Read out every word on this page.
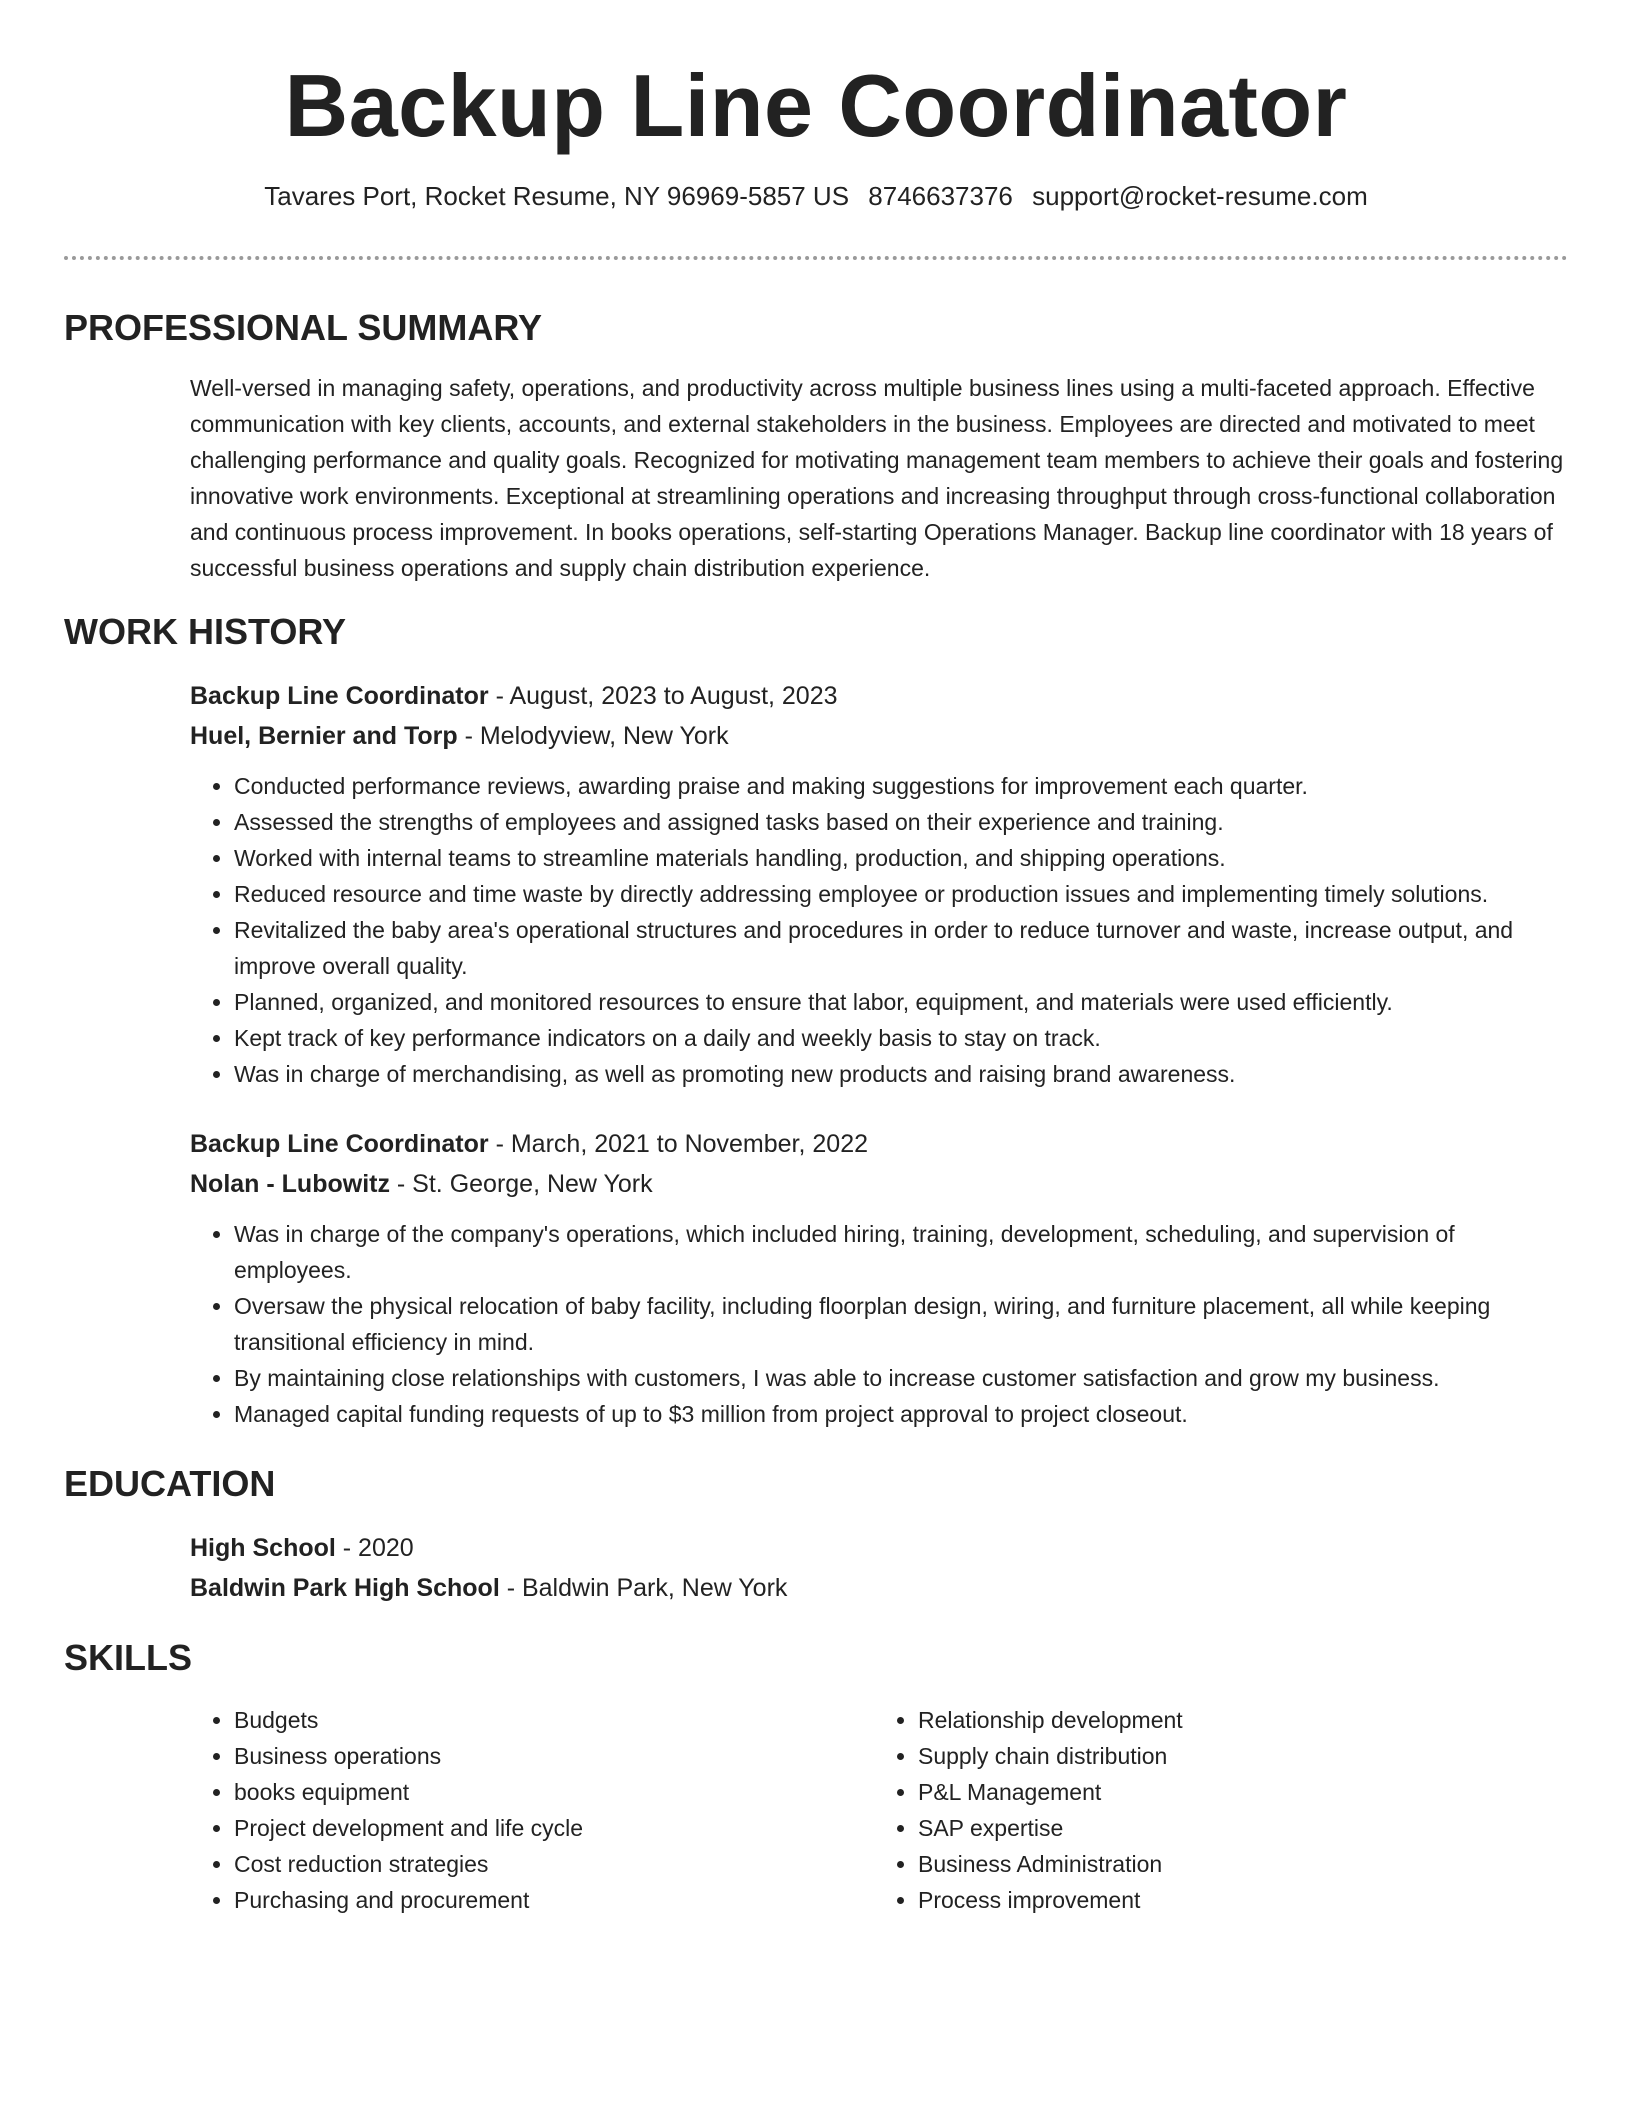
Backup Line Coordinator
Tavares Port, Rocket Resume, NY 96969-5857 US 8746637376 support@rocket-resume.com
PROFESSIONAL SUMMARY
Well-versed in managing safety, operations, and productivity across multiple business lines using a multi-faceted approach. Effective communication with key clients, accounts, and external stakeholders in the business. Employees are directed and motivated to meet challenging performance and quality goals. Recognized for motivating management team members to achieve their goals and fostering innovative work environments. Exceptional at streamlining operations and increasing throughput through cross-functional collaboration and continuous process improvement. In books operations, self-starting Operations Manager. Backup line coordinator with 18 years of successful business operations and supply chain distribution experience.
WORK HISTORY
Backup Line Coordinator - August, 2023 to August, 2023
Huel, Bernier and Torp - Melodyview, New York
• Conducted performance reviews, awarding praise and making suggestions for improvement each quarter.
• Assessed the strengths of employees and assigned tasks based on their experience and training.
• Worked with internal teams to streamline materials handling, production, and shipping operations.
• Reduced resource and time waste by directly addressing employee or production issues and implementing timely solutions.
• Revitalized the baby area's operational structures and procedures in order to reduce turnover and waste, increase output, and improve overall quality.
• Planned, organized, and monitored resources to ensure that labor, equipment, and materials were used efficiently.
• Kept track of key performance indicators on a daily and weekly basis to stay on track.
• Was in charge of merchandising, as well as promoting new products and raising brand awareness.
Backup Line Coordinator - March, 2021 to November, 2022
Nolan - Lubowitz - St. George, New York
• Was in charge of the company's operations, which included hiring, training, development, scheduling, and supervision of employees.
• Oversaw the physical relocation of baby facility, including floorplan design, wiring, and furniture placement, all while keeping transitional efficiency in mind.
• By maintaining close relationships with customers, I was able to increase customer satisfaction and grow my business.
• Managed capital funding requests of up to $3 million from project approval to project closeout.
EDUCATION
High School - 2020
Baldwin Park High School - Baldwin Park, New York
SKILLS
• Budgets
• Business operations
• books equipment
• Project development and life cycle
• Cost reduction strategies
• Purchasing and procurement
• Relationship development
• Supply chain distribution
• P&L Management
• SAP expertise
• Business Administration
• Process improvement
